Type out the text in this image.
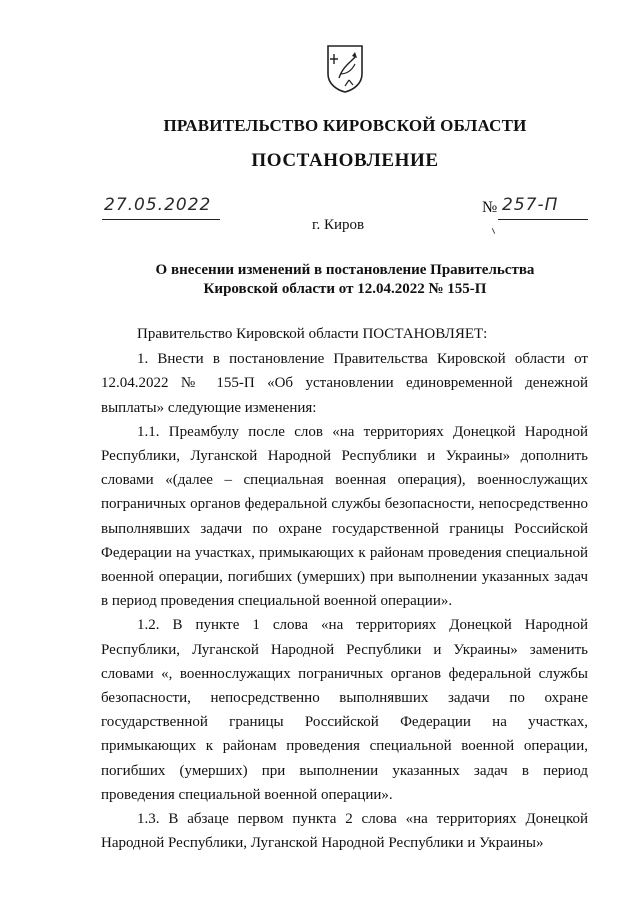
ПРАВИТЕЛЬСТВО КИРОВСКОЙ ОБЛАСТИ
ПОСТАНОВЛЕНИЕ
27.05.2022
г. Киров
№ 257-П
О внесении изменений в постановление Правительства
Кировской области от 12.04.2022 № 155-П

Правительство Кировской области ПОСТАНОВЛЯЕТ:

1. Внести в постановление Правительства Кировской области от 12.04.2022 № 155-П «Об установлении единовременной денежной выплаты» следующие изменения:

1.1. Преамбулу после слов «на территориях Донецкой Народной Республики, Луганской Народной Республики и Украины» дополнить словами «(далее – специальная военная операция), военнослужащих пограничных органов федеральной службы безопасности, непосредственно выполнявших задачи по охране государственной границы Российской Федерации на участках, примыкающих к районам проведения специальной военной операции, погибших (умерших) при выполнении указанных задач в период проведения специальной военной операции».

1.2. В пункте 1 слова «на территориях Донецкой Народной Республики, Луганской Народной Республики и Украины» заменить словами «, военнослужащих пограничных органов федеральной службы безопасности, непосредственно выполнявших задачи по охране государственной границы Российской Федерации на участках, примыкающих к районам проведения специальной военной операции, погибших (умерших) при выполнении указанных задач в период проведения специальной военной операции».

1.3. В абзаце первом пункта 2 слова «на территориях Донецкой Народной Республики, Луганской Народной Республики и Украины»
